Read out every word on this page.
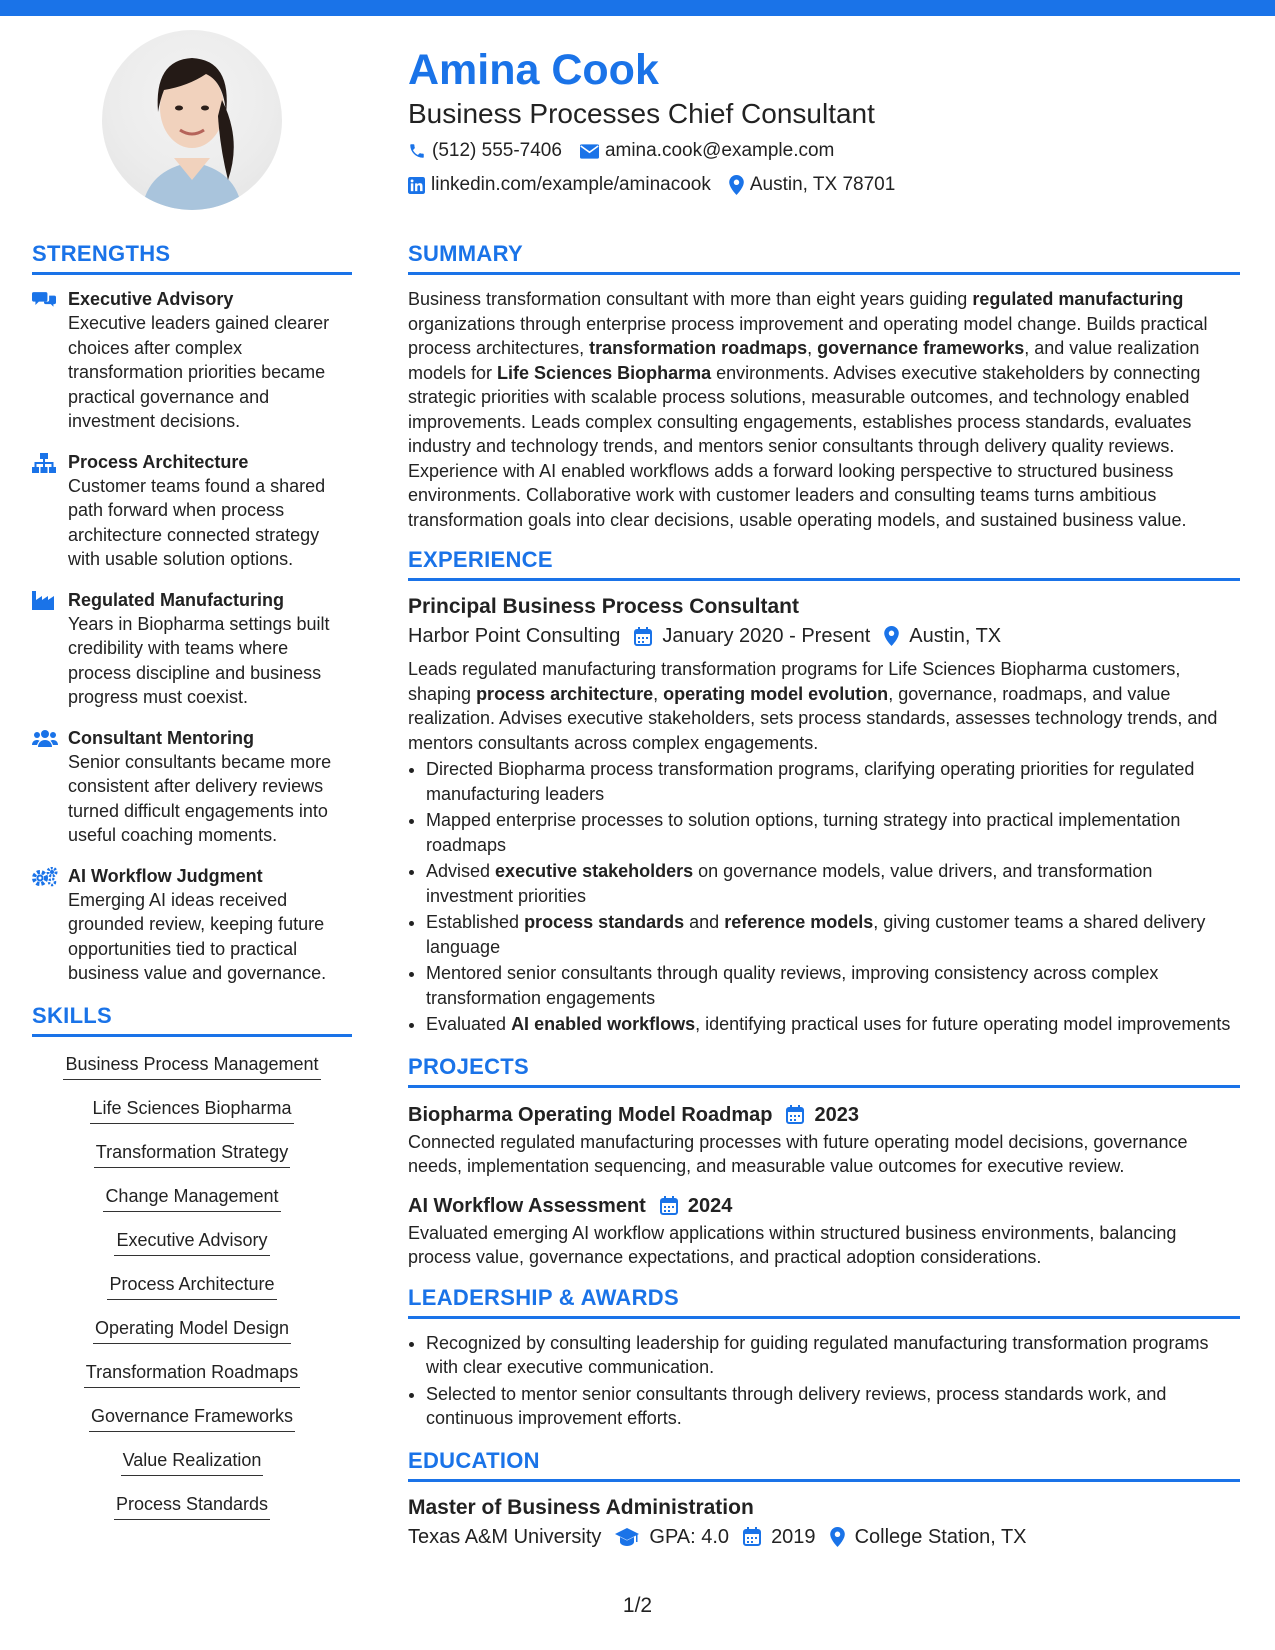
Amina Cook
Business Processes Chief Consultant
(512) 555-7406 amina.cook@example.com
linkedin.com/example/aminacook Austin, TX 78701
STRENGTHS
Executive Advisory
Executive leaders gained clearer choices after complex transformation priorities became practical governance and investment decisions.
Process Architecture
Customer teams found a shared path forward when process architecture connected strategy with usable solution options.
Regulated Manufacturing
Years in Biopharma settings built credibility with teams where process discipline and business progress must coexist.
Consultant Mentoring
Senior consultants became more consistent after delivery reviews turned difficult engagements into useful coaching moments.
AI Workflow Judgment
Emerging AI ideas received grounded review, keeping future opportunities tied to practical business value and governance.
SKILLS
Business Process Management
Life Sciences Biopharma
Transformation Strategy
Change Management
Executive Advisory
Process Architecture
Operating Model Design
Transformation Roadmaps
Governance Frameworks
Value Realization
Process Standards
SUMMARY
Business transformation consultant with more than eight years guiding regulated manufacturing organizations through enterprise process improvement and operating model change. Builds practical process architectures, transformation roadmaps, governance frameworks, and value realization models for Life Sciences Biopharma environments. Advises executive stakeholders by connecting strategic priorities with scalable process solutions, measurable outcomes, and technology enabled improvements. Leads complex consulting engagements, establishes process standards, evaluates industry and technology trends, and mentors senior consultants through delivery quality reviews. Experience with AI enabled workflows adds a forward looking perspective to structured business environments. Collaborative work with customer leaders and consulting teams turns ambitious transformation goals into clear decisions, usable operating models, and sustained business value.
EXPERIENCE
Principal Business Process Consultant
Harbor Point Consulting January 2020 - Present Austin, TX
Leads regulated manufacturing transformation programs for Life Sciences Biopharma customers, shaping process architecture, operating model evolution, governance, roadmaps, and value realization. Advises executive stakeholders, sets process standards, assesses technology trends, and mentors consultants across complex engagements.
• Directed Biopharma process transformation programs, clarifying operating priorities for regulated manufacturing leaders
• Mapped enterprise processes to solution options, turning strategy into practical implementation roadmaps
• Advised executive stakeholders on governance models, value drivers, and transformation investment priorities
• Established process standards and reference models, giving customer teams a shared delivery language
• Mentored senior consultants through quality reviews, improving consistency across complex transformation engagements
• Evaluated AI enabled workflows, identifying practical uses for future operating model improvements
PROJECTS
Biopharma Operating Model Roadmap 2023
Connected regulated manufacturing processes with future operating model decisions, governance needs, implementation sequencing, and measurable value outcomes for executive review.
AI Workflow Assessment 2024
Evaluated emerging AI workflow applications within structured business environments, balancing process value, governance expectations, and practical adoption considerations.
LEADERSHIP & AWARDS
• Recognized by consulting leadership for guiding regulated manufacturing transformation programs with clear executive communication.
• Selected to mentor senior consultants through delivery reviews, process standards work, and continuous improvement efforts.
EDUCATION
Master of Business Administration
Texas A&M University GPA: 4.0 2019 College Station, TX
1/2
